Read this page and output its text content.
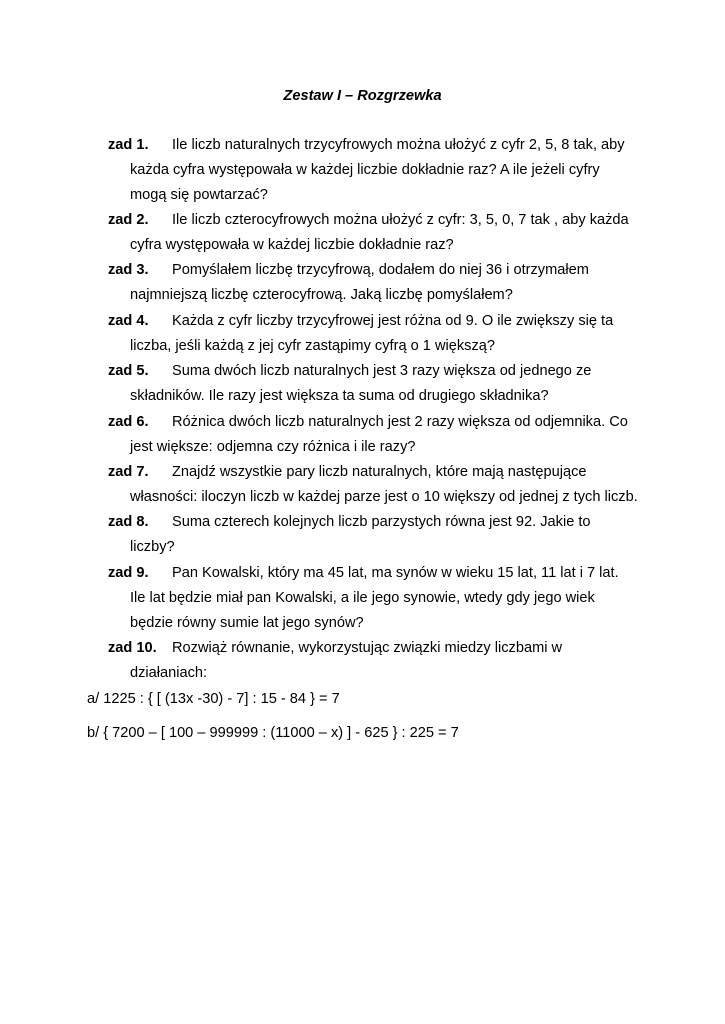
Zestaw I – Rozgrzewka
zad 1. Ile liczb naturalnych trzycyfrowych można ułożyć z cyfr 2, 5, 8 tak, aby
każda cyfra występowała w każdej liczbie dokładnie raz? A ile jeżeli cyfry
mogą się powtarzać?
zad 2. Ile liczb czterocyfrowych można ułożyć z cyfr: 3, 5, 0, 7 tak , aby każda
cyfra występowała w każdej liczbie dokładnie raz?
zad 3. Pomyślałem liczbę trzycyfrową, dodałem do niej 36 i otrzymałem
najmniejszą liczbę czterocyfrową. Jaką liczbę pomyślałem?
zad 4. Każda z cyfr liczby trzycyfrowej jest różna od 9. O ile zwiększy się ta
liczba, jeśli każdą z jej cyfr zastąpimy cyfrą o 1 większą?
zad 5. Suma dwóch liczb naturalnych jest 3 razy większa od jednego ze
składników. Ile razy jest większa ta suma od drugiego składnika?
zad 6. Różnica dwóch liczb naturalnych jest 2 razy większa od odjemnika. Co
jest większe: odjemna czy różnica i ile razy?
zad 7. Znajdź wszystkie pary liczb naturalnych, które mają następujące
własności: iloczyn liczb w każdej parze jest o 10 większy od jednej z tych liczb.
zad 8. Suma czterech kolejnych liczb parzystych równa jest 92. Jakie to
liczby?
zad 9. Pan Kowalski, który ma 45 lat, ma synów w wieku 15 lat, 11 lat i 7 lat.
Ile lat będzie miał pan Kowalski, a ile jego synowie, wtedy gdy jego wiek
będzie równy sumie lat jego synów?
zad 10. Rozwiąż równanie, wykorzystując związki miedzy liczbami w
działaniach:
a/ 1225 : { [ (13x -30) - 7] : 15 - 84 } = 7
b/ { 7200 – [ 100 – 999999 : (11000 – x) ] - 625 } : 225 = 7
